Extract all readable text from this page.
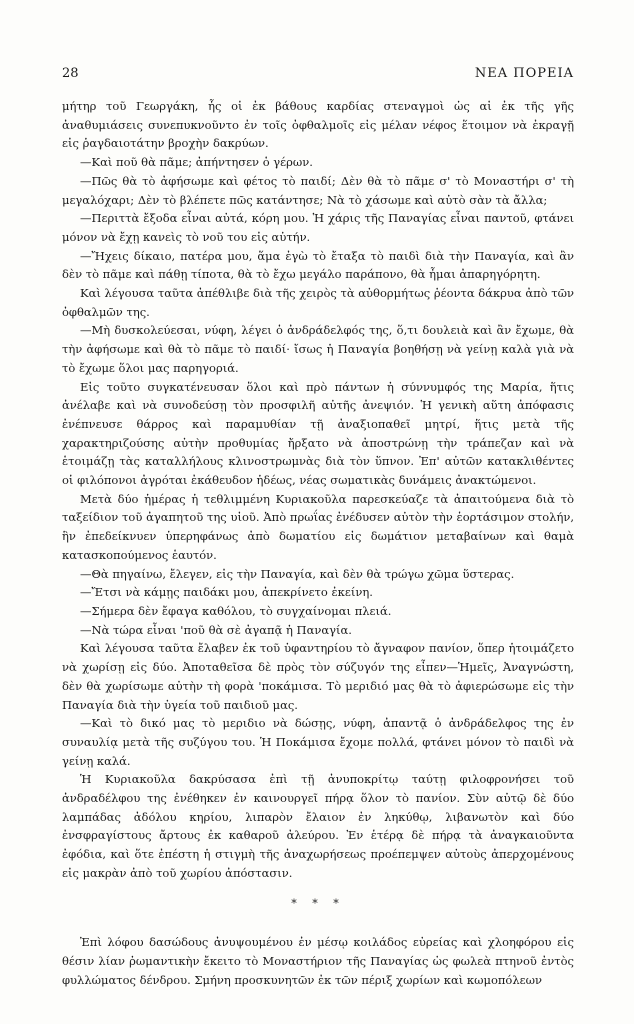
28	ΝΕΑ ΠΟΡΕΙΑ

μήτηρ τοῦ Γεωργάκη, ἧς οἱ ἐκ βάθους καρδίας στεναγμοὶ ὡς αἱ ἐκ τῆς γῆς ἀναθυμιάσεις συνεπυκνοῦντο ἐν τοῖς ὀφθαλμοῖς εἰς μέλαν νέφος ἕτοιμον νὰ ἐκραγῇ εἰς ῥαγδαιοτάτην βροχὴν δακρύων.

—Καὶ ποῦ θὰ πᾶμε; ἀπήντησεν ὁ γέρων.

—Πῶς θὰ τὸ ἀφήσωμε καὶ φέτος τὸ παιδί; Δὲν θὰ τὸ πᾶμε σ' τὸ Μοναστήρι σ' τὴ μεγαλόχαρι; Δὲν τὸ βλέπετε πῶς κατάντησε; Νὰ τὸ χάσωμε καὶ αὐτὸ σὰν τὰ ἄλλα;

—Περιττὰ ἔξοδα εἶναι αὐτά, κόρη μου. Ἡ χάρις τῆς Παναγίας εἶναι παντοῦ, φτάνει μόνον νὰ ἔχῃ κανεὶς τὸ νοῦ του εἰς αὐτήν.

—Ἤχεις δίκαιο, πατέρα μου, ἅμα ἐγὼ τὸ ἔταξα τὸ παιδὶ διὰ τὴν Παναγία, καὶ ἂν δὲν τὸ πᾶμε καὶ πάθῃ τίποτα, θὰ τὸ ἔχω μεγάλο παράπονο, θὰ ἦμαι ἀπαρηγόρητη.

Καὶ λέγουσα ταῦτα ἀπέθλιβε διὰ τῆς χειρὸς τὰ αὐθορμήτως ῥέοντα δάκρυα ἀπὸ τῶν ὀφθαλμῶν της.

—Μὴ δυσκολεύεσαι, νύφη, λέγει ὁ ἀνδράδελφός της, ὅ,τι δουλειὰ καὶ ἂν ἔχωμε, θὰ τὴν ἀφήσωμε καὶ θὰ τὸ πᾶμε τὸ παιδί· ἴσως ἡ Παναγία βοηθήσῃ νὰ γείνῃ καλὰ γιὰ νὰ τὸ ἔχωμε ὅλοι μας παρηγοριά.

Εἰς τοῦτο συγκατένευσαν ὅλοι καὶ πρὸ πάντων ἡ σύννυμφός της Μαρία, ἥτις ἀνέλαβε καὶ νὰ συνοδεύσῃ τὸν προσφιλῆ αὐτῆς ἀνεψιόν. Ἡ γενικὴ αὕτη ἀπόφασις ἐνέπνευσε θάρρος καὶ παραμυθίαν τῇ ἀναξιοπαθεῖ μητρί, ἥτις μετὰ τῆς χαρακτηριζούσης αὐτὴν προθυμίας ἤρξατο νὰ ἀποστρώνῃ τὴν τράπεζαν καὶ νὰ ἑτοιμάζῃ τὰς καταλλήλους κλινοστρωμνὰς διὰ τὸν ὕπνον. Ἐπ' αὐτῶν κατακλιθέντες οἱ φιλόπονοι ἀγρόται ἐκάθευδον ἡδέως, νέας σωματικὰς δυνάμεις ἀνακτώμενοι.

Μετὰ δύο ἡμέρας ἡ τεθλιμμένη Κυριακοῦλα παρεσκεύαζε τὰ ἀπαιτούμενα διὰ τὸ ταξείδιον τοῦ ἀγαπητοῦ της υἱοῦ. Ἀπὸ πρωΐας ἐνέδυσεν αὐτὸν τὴν ἑορτάσιμον στολήν, ἣν ἐπεδείκνυεν ὑπερηφάνως ἀπὸ δωματίου εἰς δωμάτιον μεταβαίνων καὶ θαμὰ κατασκοπούμενος ἑαυτόν.

—Θὰ πηγαίνω, ἔλεγεν, εἰς τὴν Παναγία, καὶ δὲν θὰ τρώγω χῶμα ὕστερας.

—Ἔτσι νὰ κάμῃς παιδάκι μου, ἀπεκρίνετο ἐκείνη.

—Σήμερα δὲν ἔφαγα καθόλου, τὸ συγχαίνομαι πλειά.

—Νὰ τώρα εἶναι 'ποῦ θὰ σὲ ἀγαπᾷ ἡ Παναγία.

Καὶ λέγουσα ταῦτα ἔλαβεν ἐκ τοῦ ὑφαντηρίου τὸ ἄγναφον πανίον, ὅπερ ἡτοιμάζετο νὰ χωρίσῃ εἰς δύο. Ἀποταθεῖσα δὲ πρὸς τὸν σύζυγόν της εἶπεν—Ἡμεῖς, Ἀναγνώστη, δὲν θὰ χωρίσωμε αὐτὴν τὴ φορὰ 'ποκάμισα. Τὸ μεριδιό μας θὰ τὸ ἀφιερώσωμε εἰς τὴν Παναγία διὰ τὴν ὑγεία τοῦ παιδιοῦ μας.

—Καὶ τὸ δικό μας τὸ μεριδιο νὰ δώσῃς, νύφη, ἀπαντᾷ ὁ ἀνδράδελφος της ἐν συναυλίᾳ μετὰ τῆς συζύγου του. Ἡ Ποκάμισα ἔχομε πολλά, φτάνει μόνον τὸ παιδὶ νὰ γείνῃ καλά.

Ἡ Κυριακοῦλα δακρύσασα ἐπὶ τῇ ἀνυποκρίτῳ ταύτῃ φιλοφρονήσει τοῦ ἀνδραδέλφου της ἐνέθηκεν ἐν καινουργεῖ πήρᾳ ὅλον τὸ πανίον. Σὺν αὐτῷ δὲ δύο λαμπάδας ἀδόλου κηρίου, λιπαρὸν ἔλαιον ἐν ληκύθῳ, λιβανωτὸν καὶ δύο ἐνσφραγίστους ἄρτους ἐκ καθαροῦ ἀλεύρου. Ἐν ἑτέρᾳ δὲ πήρᾳ τὰ ἀναγκαιοῦντα ἐφόδια, καὶ ὅτε ἐπέστη ἡ στιγμὴ τῆς ἀναχωρήσεως προέπεμψεν αὐτοὺς ἀπερχομένους εἰς μακρὰν ἀπὸ τοῦ χωρίου ἀπόστασιν.

* * *

Ἐπὶ λόφου δασώδους ἀνυψουμένου ἐν μέσῳ κοιλάδος εὐρείας καὶ χλοηφόρου εἰς θέσιν λίαν ῥωμαντικὴν ἔκειτο τὸ Μοναστήριον τῆς Παναγίας ὡς φωλεὰ πτηνοῦ ἐντὸς φυλλώματος δένδρου. Σμήνη προσκυνητῶν ἐκ τῶν πέριξ χωρίων καὶ κωμοπόλεων
